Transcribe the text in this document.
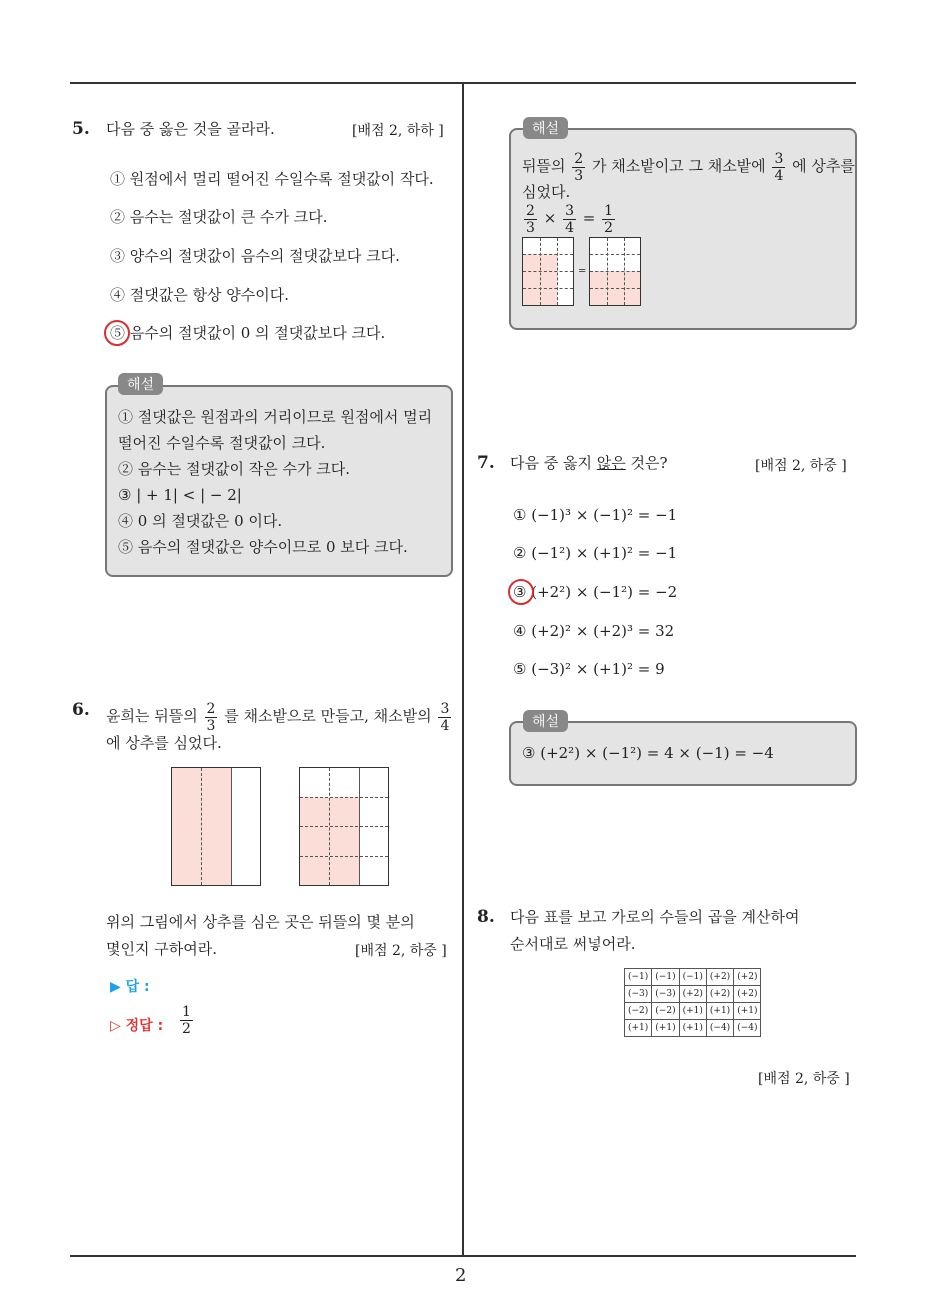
2
5. 다음 중 옳은 것을 골라라.	[배점 2, 하하 ]
① 원점에서 멀리 떨어진 수일수록 절댓값이 작다.
② 음수는 절댓값이 큰 수가 크다.
③ 양수의 절댓값이 음수의 절댓값보다 크다.
④ 절댓값은 항상 양수이다.
⑤ 음수의 절댓값이 0 의 절댓값보다 크다.
해설
① 절댓값은 원점과의 거리이므로 원점에서 멀리
떨어진 수일수록 절댓값이 크다.
② 음수는 절댓값이 작은 수가 크다.
③ | + 1| < | − 2|
④ 0 의 절댓값은 0 이다.
⑤ 음수의 절댓값은 양수이므로 0 보다 크다.
6. 윤희는 뒤뜰의 $\frac{2}{3}$ 를 채소밭으로 만들고, 채소밭의 $\frac{3}{4}$
에 상추를 심었다.
위의 그림에서 상추를 심은 곳은 뒤뜰의 몇 분의
몇인지 구하여라.	[배점 2, 하중 ]
▶ 답 :
▷ 정답 : $\frac{1}{2}$
해설
뒤뜰의 $\frac{2}{3}$ 가 채소밭이고 그 채소밭에 $\frac{3}{4}$ 에 상추를
심었다.
$\frac{2}{3} \times \frac{3}{4} = \frac{1}{2}$
=
7. 다음 중 옳지 않은 것은?	[배점 2, 하중 ]
① (−1)³ × (−1)² = −1
② (−1²) × (+1)² = −1
③ (+2²) × (−1²) = −2
④ (+2)² × (+2)³ = 32
⑤ (−3)² × (+1)² = 9
해설
③ (+2²) × (−1²) = 4 × (−1) = −4
8. 다음 표를 보고 가로의 수들의 곱을 계산하여
순서대로 써넣어라.
(−1)	(−1)	(−1)	(+2)	(+2)
(−3)	(−3)	(+2)	(+2)	(+2)
(−2)	(−2)	(+1)	(+1)	(+1)
(+1)	(+1)	(+1)	(−4)	(−4)
[배점 2, 하중 ]
